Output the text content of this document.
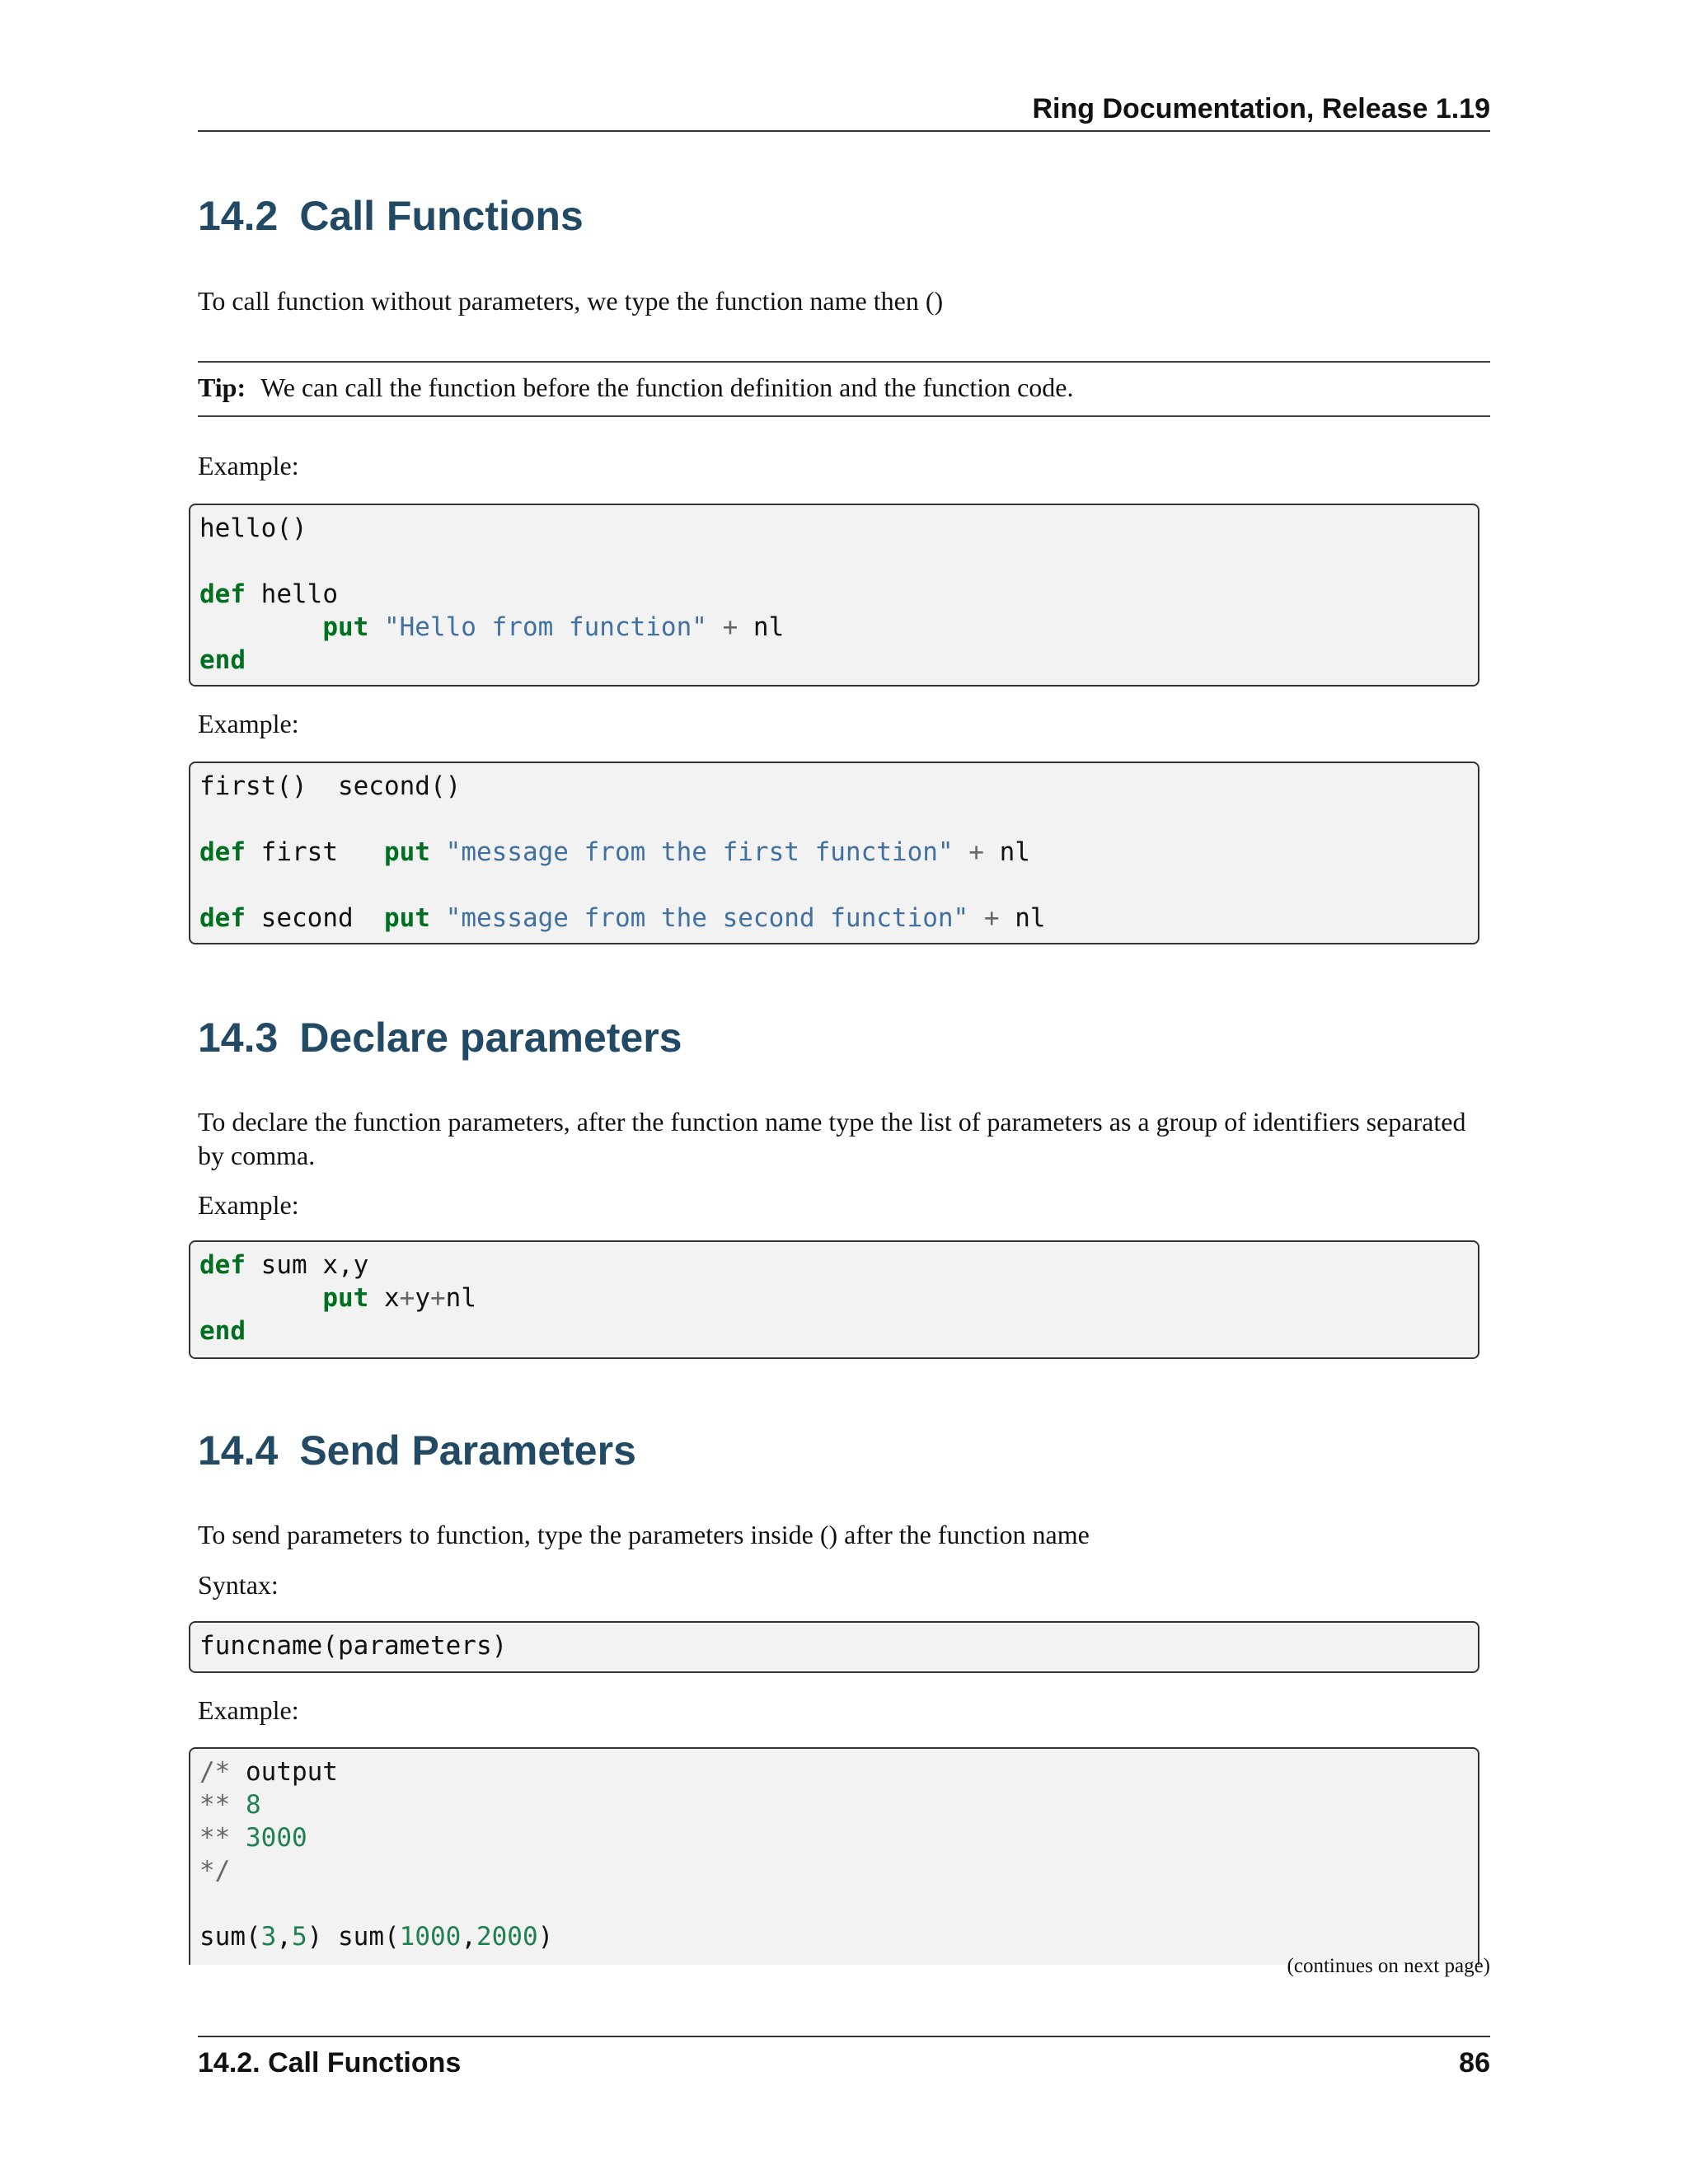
Ring Documentation, Release 1.19
14.2 Call Functions

To call function without parameters, we type the function name then ()

Tip: We can call the function before the function definition and the function code.

Example:

hello()

def hello
put "Hello from function" + nl
end

Example:

first()  second()

def first   put "message from the first function" + nl

def second  put "message from the second function" + nl
14.3 Declare parameters

To declare the function parameters, after the function name type the list of parameters as a group of identifiers separated by comma.

Example:

def sum x,y
put x+y+nl
end
14.4 Send Parameters

To send parameters to function, type the parameters inside () after the function name

Syntax:

funcname(parameters)

Example:

/* output
** 8
** 3000
*/

sum(3,5) sum(1000,2000)
(continues on next page)
14.2. Call Functions	86
